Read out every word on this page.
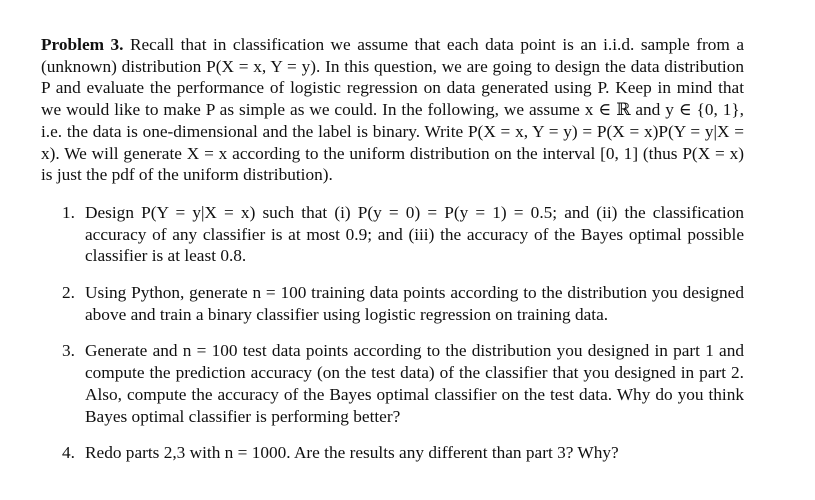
Problem 3. Recall that in classification we assume that each data point is an i.i.d. sample from a (unknown) distribution P(X = x, Y = y). In this question, we are going to design the data distribution P and evaluate the performance of logistic regression on data generated using P. Keep in mind that we would like to make P as simple as we could. In the following, we assume x ∈ ℝ and y ∈ {0, 1}, i.e. the data is one-dimensional and the label is binary. Write P(X = x, Y = y) = P(X = x)P(Y = y|X = x). We will generate X = x according to the uniform distribution on the interval [0, 1] (thus P(X = x) is just the pdf of the uniform distribution).

1. Design P(Y = y|X = x) such that (i) P(y = 0) = P(y = 1) = 0.5; and (ii) the classification accuracy of any classifier is at most 0.9; and (iii) the accuracy of the Bayes optimal possible classifier is at least 0.8.
2. Using Python, generate n = 100 training data points according to the distribution you designed above and train a binary classifier using logistic regression on training data.
3. Generate and n = 100 test data points according to the distribution you designed in part 1 and compute the prediction accuracy (on the test data) of the classifier that you designed in part 2. Also, compute the accuracy of the Bayes optimal classifier on the test data. Why do you think Bayes optimal classifier is performing better?
4. Redo parts 2,3 with n = 1000. Are the results any different than part 3? Why?
